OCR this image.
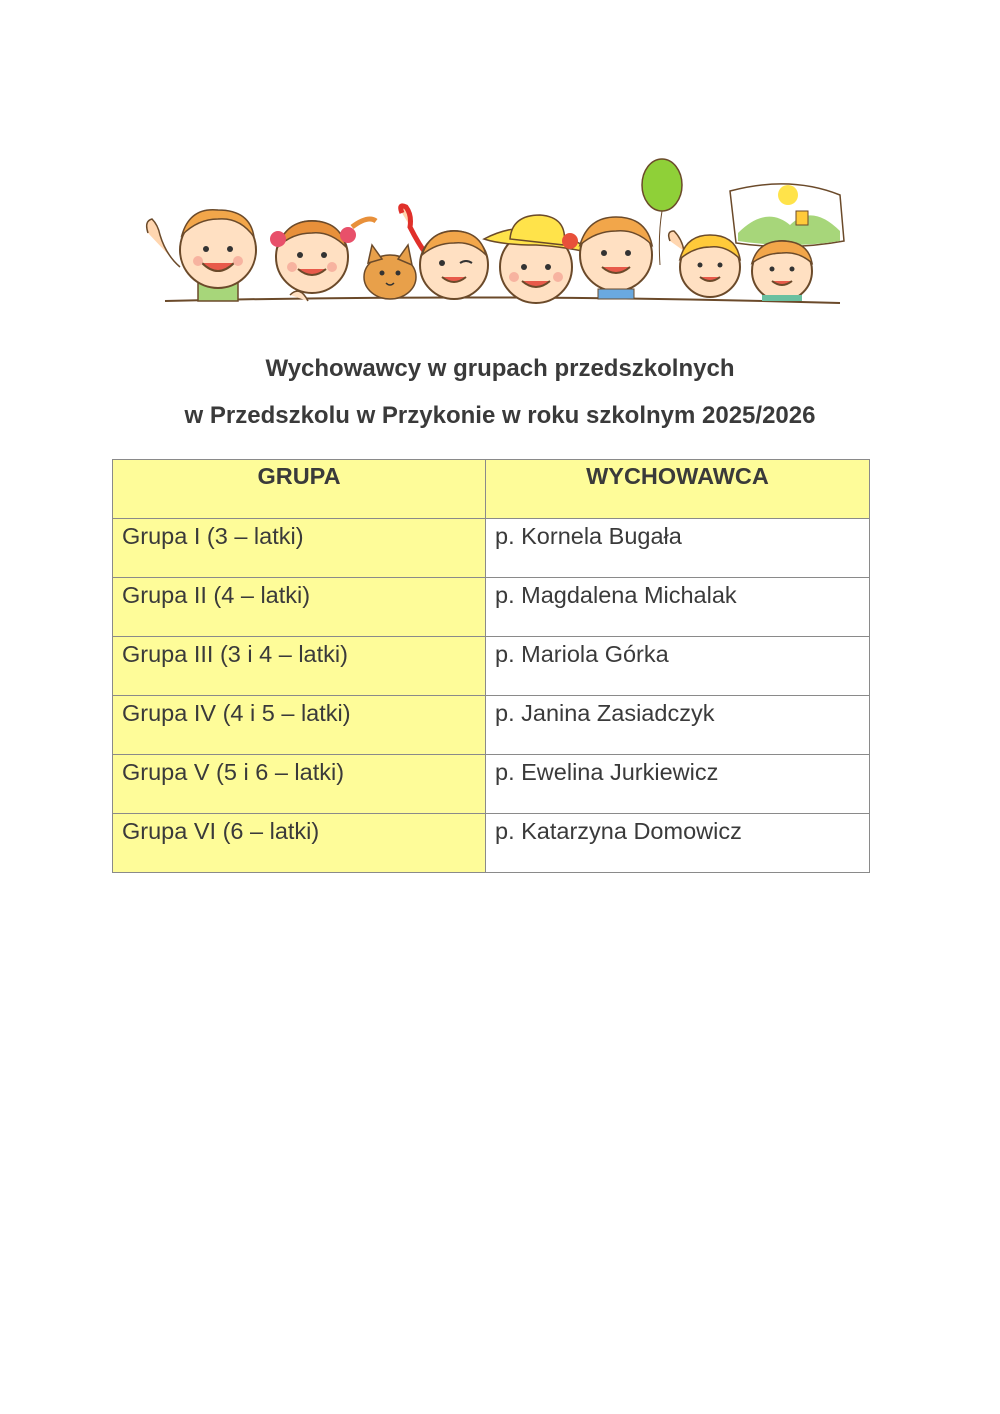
Wychowawcy w grupach przedszkolnych

w Przedszkolu w Przykonie w roku szkolnym 2025/2026

GRUPA	WYCHOWAWCA
Grupa I (3 – latki)	p. Kornela Bugała
Grupa II (4 – latki)	p. Magdalena Michalak
Grupa III (3 i 4 – latki)	p. Mariola Górka
Grupa IV (4 i 5 – latki)	p. Janina Zasiadczyk
Grupa V (5 i 6 – latki)	p. Ewelina Jurkiewicz
Grupa VI (6 – latki)	p. Katarzyna Domowicz
